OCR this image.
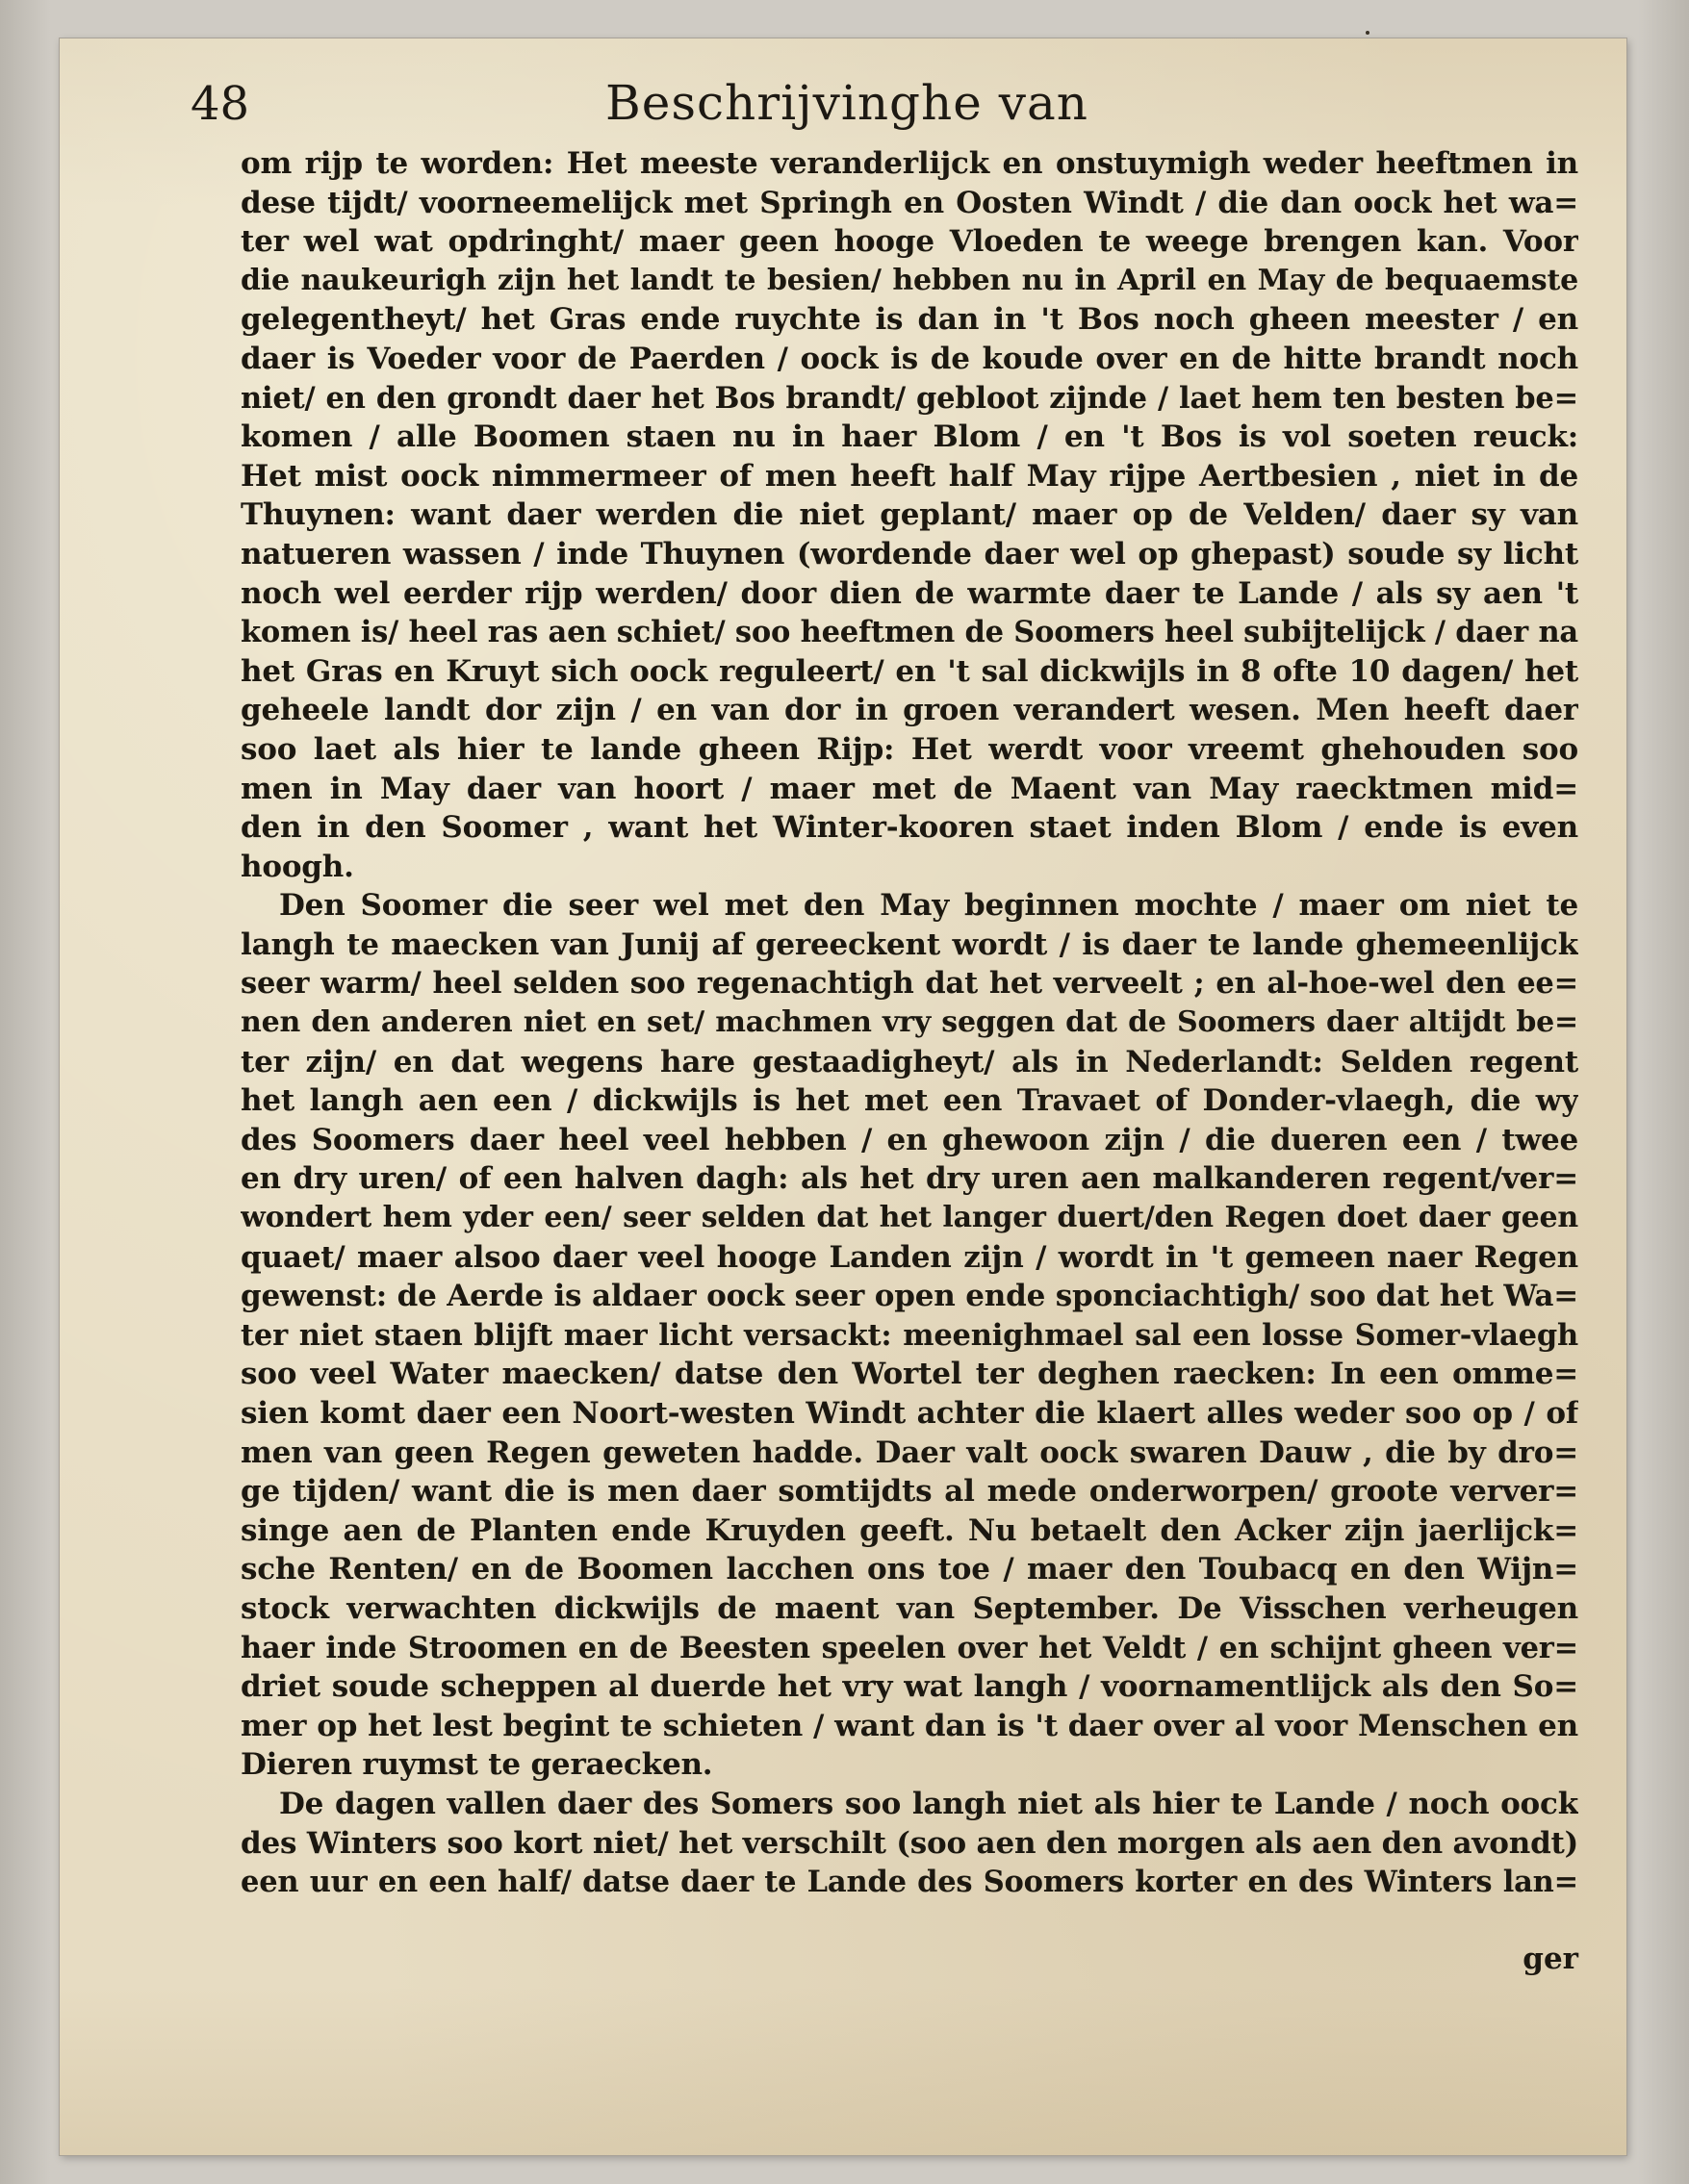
48	Beschrijvinghe van
om rijp te worden: Het meeste veranderlijck en onstuymigh weder heeftmen in
dese tijdt/ voorneemelijck met Springh en Oosten Windt / die dan oock het wa=
ter wel wat opdringht/ maer geen hooge Vloeden te weege brengen kan. Voor
die naukeurigh zijn het landt te besien/ hebben nu in April en May de bequaemste
gelegentheyt/ het Gras ende ruychte is dan in 't Bos noch gheen meester / en
daer is Voeder voor de Paerden / oock is de koude over en de hitte brandt noch
niet/ en den grondt daer het Bos brandt/ gebloot zijnde / laet hem ten besten be=
komen / alle Boomen staen nu in haer Blom / en 't Bos is vol soeten reuck:
Het mist oock nimmermeer of men heeft half May rijpe Aertbesien , niet in de
Thuynen: want daer werden die niet geplant/ maer op de Velden/ daer sy van
natueren wassen / inde Thuynen (wordende daer wel op ghepast) soude sy licht
noch wel eerder rijp werden/ door dien de warmte daer te Lande / als sy aen 't
komen is/ heel ras aen schiet/ soo heeftmen de Soomers heel subijtelijck / daer na
het Gras en Kruyt sich oock reguleert/ en 't sal dickwijls in 8 ofte 10 dagen/ het
geheele landt dor zijn / en van dor in groen verandert wesen. Men heeft daer
soo laet als hier te lande gheen Rijp: Het werdt voor vreemt ghehouden soo
men in May daer van hoort / maer met de Maent van May raecktmen mid=
den in den Soomer , want het Winter-kooren staet inden Blom / ende is even
hoogh.
Den Soomer die seer wel met den May beginnen mochte / maer om niet te
langh te maecken van Junij af gereeckent wordt / is daer te lande ghemeenlijck
seer warm/ heel selden soo regenachtigh dat het verveelt ; en al-hoe-wel den ee=
nen den anderen niet en set/ machmen vry seggen dat de Soomers daer altijdt be=
ter zijn/ en dat wegens hare gestaadigheyt/ als in Nederlandt: Selden regent
het langh aen een / dickwijls is het met een Travaet of Donder-vlaegh, die wy
des Soomers daer heel veel hebben / en ghewoon zijn / die dueren een / twee
en dry uren/ of een halven dagh: als het dry uren aen malkanderen regent/ver=
wondert hem yder een/ seer selden dat het langer duert/den Regen doet daer geen
quaet/ maer alsoo daer veel hooge Landen zijn / wordt in 't gemeen naer Regen
gewenst: de Aerde is aldaer oock seer open ende sponciachtigh/ soo dat het Wa=
ter niet staen blijft maer licht versackt: meenighmael sal een losse Somer-vlaegh
soo veel Water maecken/ datse den Wortel ter deghen raecken: In een omme=
sien komt daer een Noort-westen Windt achter die klaert alles weder soo op / of
men van geen Regen geweten hadde. Daer valt oock swaren Dauw , die by dro=
ge tijden/ want die is men daer somtijdts al mede onderworpen/ groote verver=
singe aen de Planten ende Kruyden geeft. Nu betaelt den Acker zijn jaerlijck=
sche Renten/ en de Boomen lacchen ons toe / maer den Toubacq en den Wijn=
stock verwachten dickwijls de maent van September. De Visschen verheugen
haer inde Stroomen en de Beesten speelen over het Veldt / en schijnt gheen ver=
driet soude scheppen al duerde het vry wat langh / voornamentlijck als den So=
mer op het lest begint te schieten / want dan is 't daer over al voor Menschen en
Dieren ruymst te geraecken.
De dagen vallen daer des Somers soo langh niet als hier te Lande / noch oock
des Winters soo kort niet/ het verschilt (soo aen den morgen als aen den avondt)
een uur en een half/ datse daer te Lande des Soomers korter en des Winters lan=
ger
